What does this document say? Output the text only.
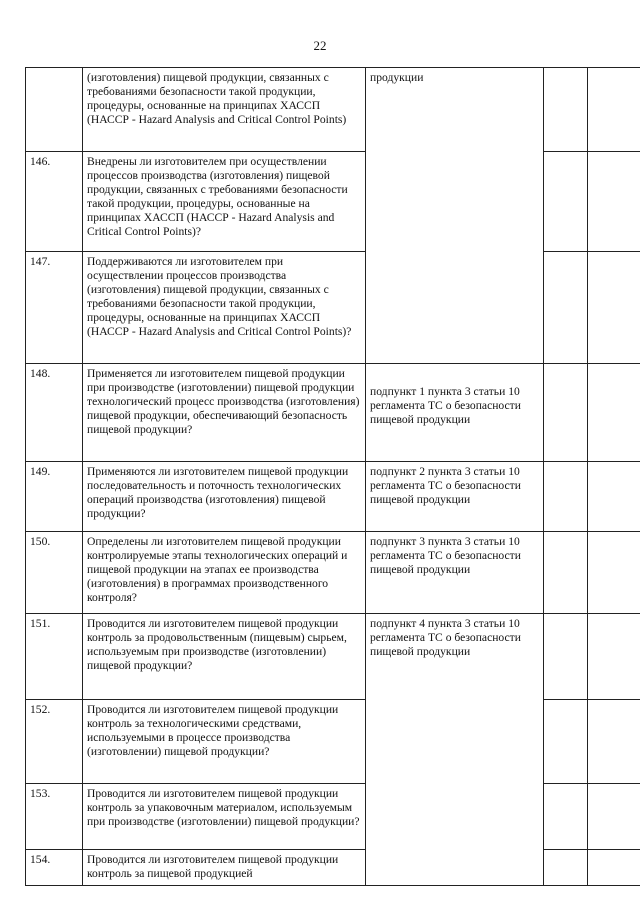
22
	(изготовления) пищевой продукции, связанных с требованиями безопасности такой продукции, процедуры, основанные на принципах ХАССП (НАССР - Hazard Analysis and Critical Control Points)	продукции		

146.	Внедрены ли изготовителем при осуществлении процессов производства (изготовления) пищевой продукции, связанных с требованиями безопасности такой продукции, процедуры, основанные на принципах ХАССП (НАССР - Hazard Analysis and Critical Control Points)?			
147.	Поддерживаются ли изготовителем при осуществлении процессов производства (изготовления) пищевой продукции, связанных с требованиями безопасности такой продукции, процедуры, основанные на принципах ХАССП (НАССР - Hazard Analysis and Critical Control Points)?			
148.	Применяется ли изготовителем пищевой продукции при производстве (изготовлении) пищевой продукции технологический процесс производства (изготовления) пищевой продукции, обеспечивающий безопасность пищевой продукции?	подпункт 1 пункта 3 статьи 10 регламента ТС о безопасности пищевой продукции		

149.	Применяются ли изготовителем пищевой продукции последовательность и поточность технологических операций производства (изготовления) пищевой продукции?	подпункт 2 пункта 3 статьи 10 регламента ТС о безопасности пищевой продукции		

150.	Определены ли изготовителем пищевой продукции контролируемые этапы технологических операций и пищевой продукции на этапах ее производства (изготовления) в программах производственного контроля?	подпункт 3 пункта 3 статьи 10 регламента ТС о безопасности пищевой продукции		

151.	Проводится ли изготовителем пищевой продукции контроль за продовольственным (пищевым) сырьем, используемым при производстве (изготовлении) пищевой продукции?	подпункт 4 пункта 3 статьи 10 регламента ТС о безопасности пищевой продукции		

152.	Проводится ли изготовителем пищевой продукции контроль за технологическими средствами, используемыми в процессе производства (изготовлении) пищевой продукции?			
153.	Проводится ли изготовителем пищевой продукции контроль за упаковочным материалом, используемым при производстве (изготовлении) пищевой продукции?			
154.	Проводится ли изготовителем пищевой продукции контроль за пищевой продукцией			
